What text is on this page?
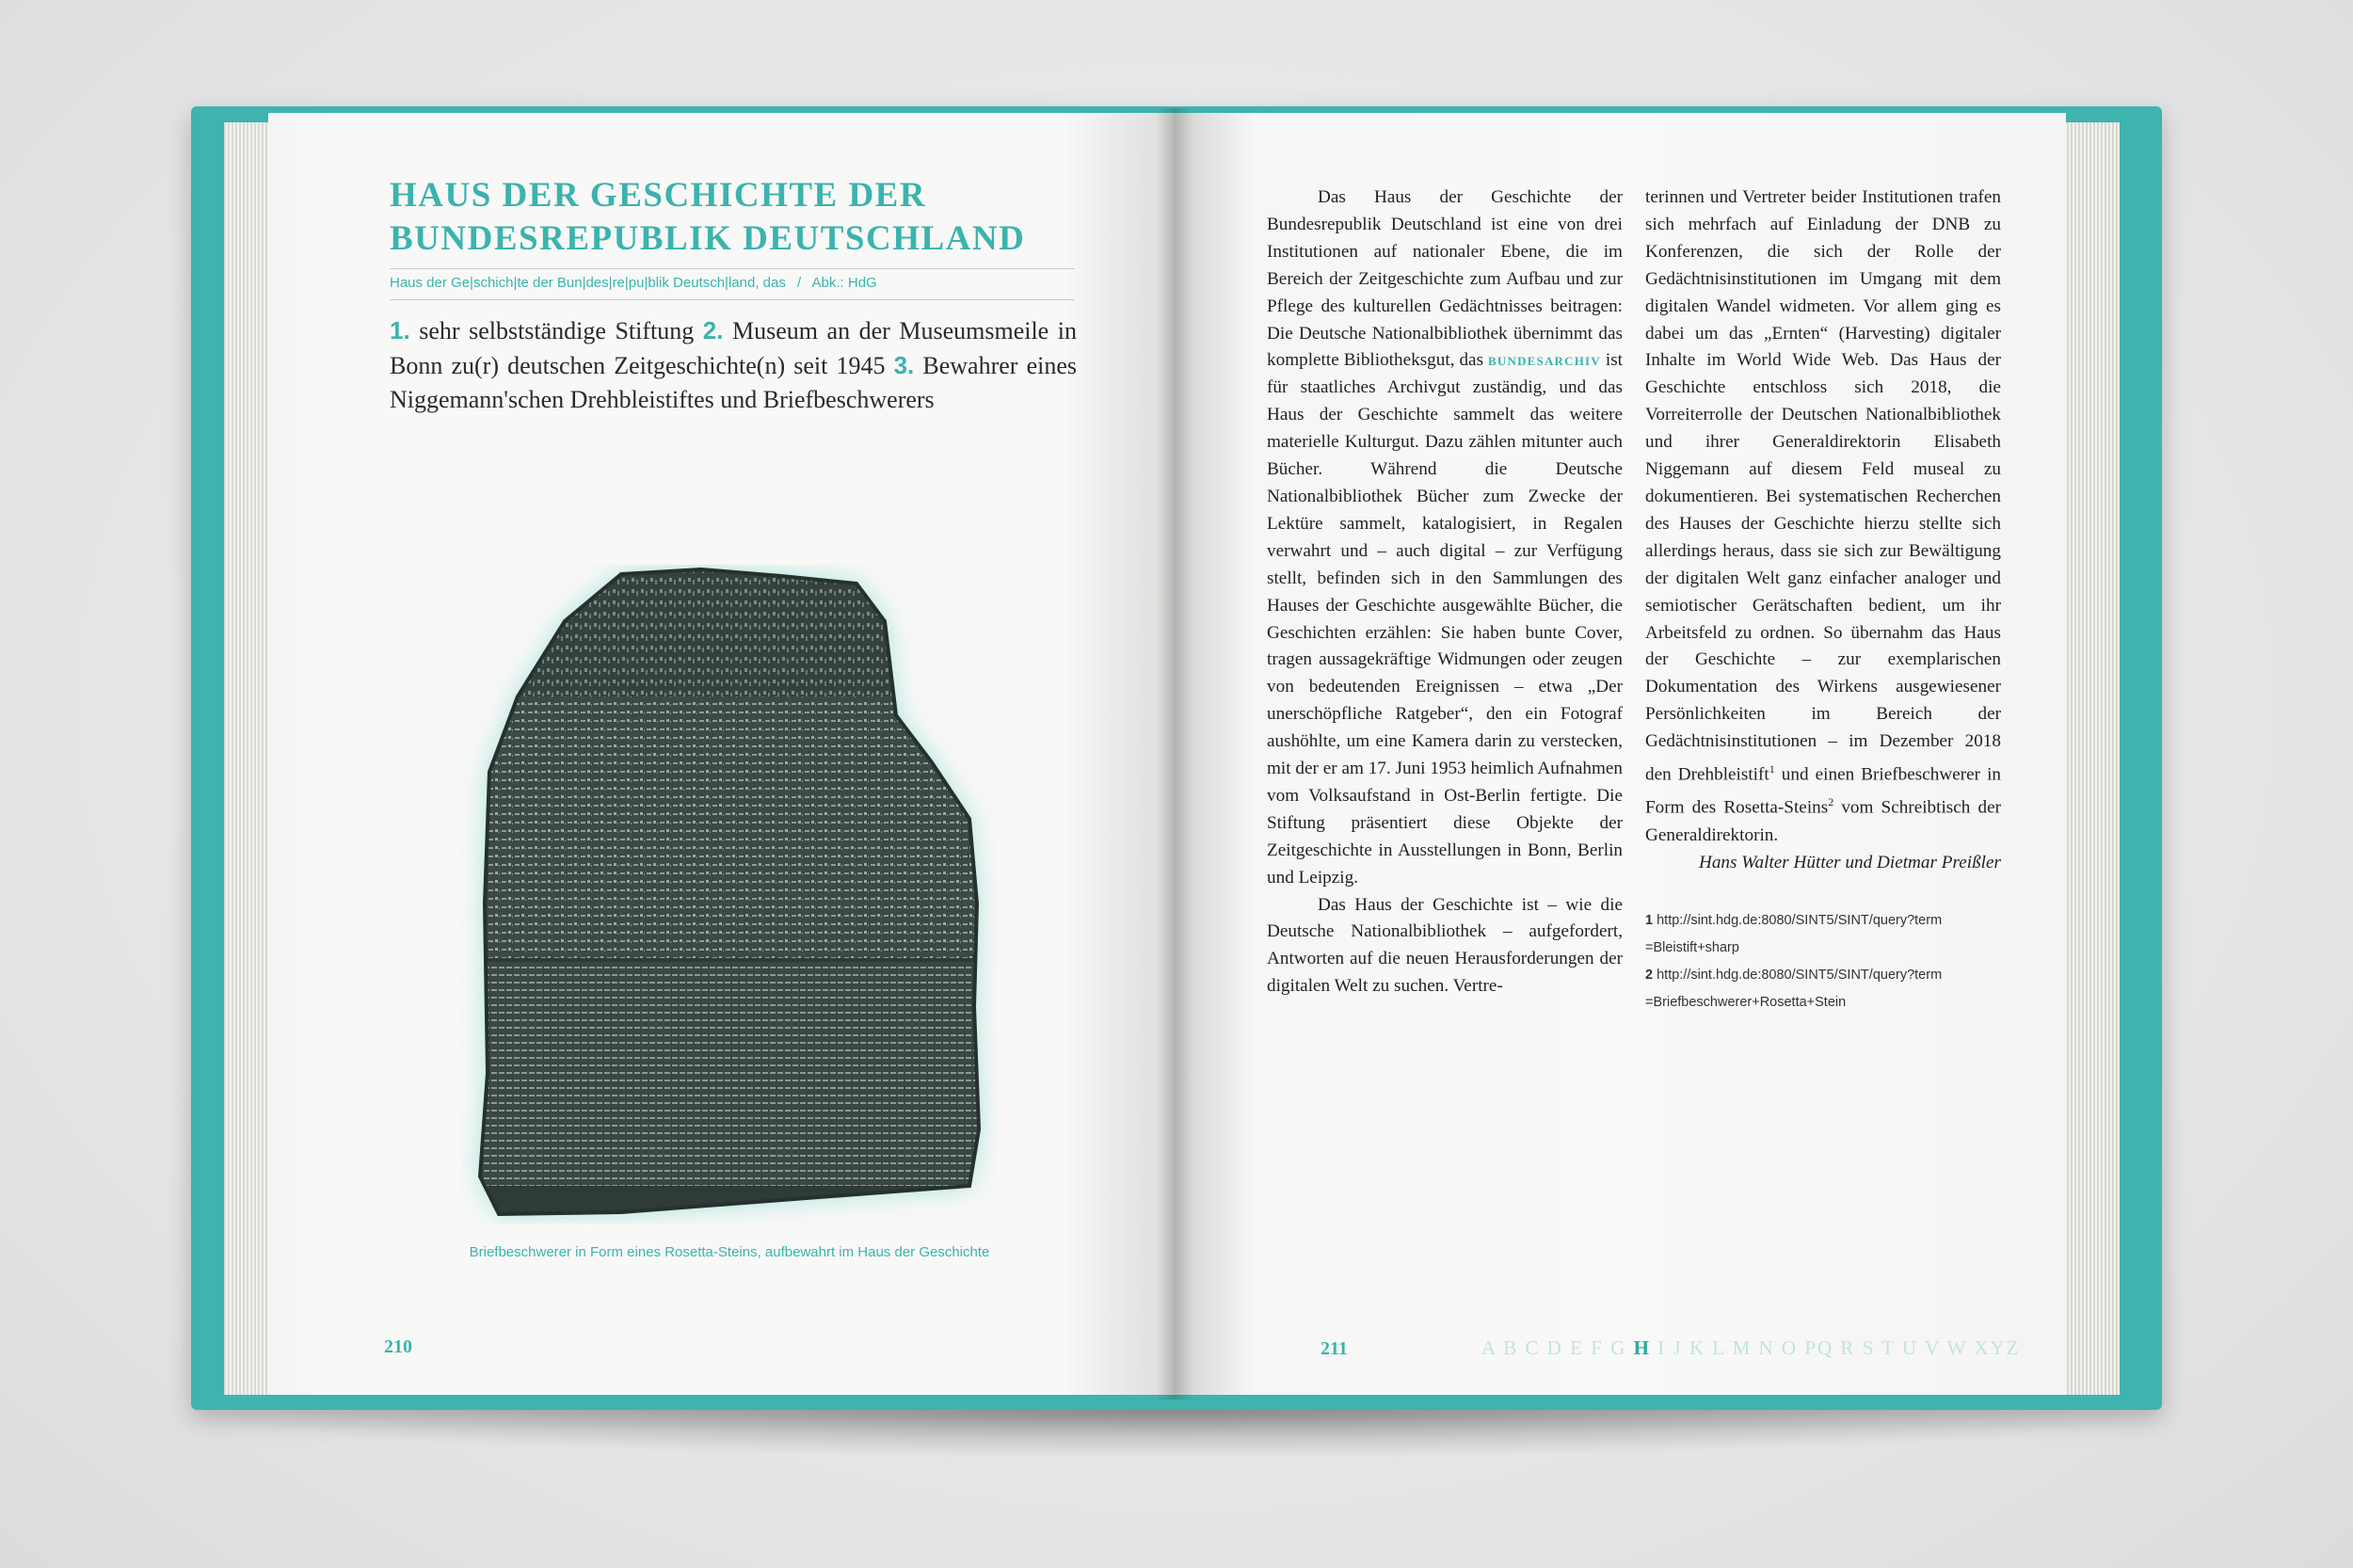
HAUS DER GESCHICHTE DER
BUNDESREPUBLIK DEUTSCHLAND
Haus der Ge|schich|te der Bun|des|re|pu|blik Deutsch|land, das / Abk.: HdG
1. sehr selbstständige Stiftung 2. Museum an der Museumsmeile in Bonn zu(r) deutschen Zeitgeschichte(n) seit 1945 3. Bewahrer eines Niggemann'schen Drehbleistiftes und Briefbeschwerers
Briefbeschwerer in Form eines Rosetta-Steins, aufbewahrt im Haus der Geschichte
210

Das Haus der Geschichte der Bundesrepublik Deutschland ist eine von drei Institutionen auf nationaler Ebene, die im Bereich der Zeitgeschichte zum Aufbau und zur Pflege des kulturellen Gedächtnisses beitragen: Die Deutsche Nationalbibliothek übernimmt das komplette Bibliotheksgut, das bundesarchiv ist für staatliches Archivgut zuständig, und das Haus der Geschichte sammelt das weitere materielle Kulturgut. Dazu zählen mitunter auch Bücher. Während die Deutsche Nationalbibliothek Bücher zum Zwecke der Lektüre sammelt, katalogisiert, in Regalen verwahrt und – auch digital – zur Verfügung stellt, befinden sich in den Sammlungen des Hauses der Geschichte ausgewählte Bücher, die Geschichten erzählen: Sie haben bunte Cover, tragen aussagekräftige Widmungen oder zeugen von bedeutenden Ereignissen – etwa „Der unerschöpfliche Ratgeber“, den ein Fotograf aushöhlte, um eine Kamera darin zu verstecken, mit der er am 17. Juni 1953 heimlich Aufnahmen vom Volksaufstand in Ost-Berlin fertigte. Die Stiftung präsentiert diese Objekte der Zeitgeschichte in Ausstellungen in Bonn, Berlin und Leipzig.

Das Haus der Geschichte ist – wie die Deutsche Nationalbibliothek – aufgefordert, Antworten auf die neuen Herausforderungen der digitalen Welt zu suchen. Vertre-

terinnen und Vertreter beider Institutionen trafen sich mehrfach auf Einladung der DNB zu Konferenzen, die sich der Rolle der Gedächtnisinstitutionen im Umgang mit dem digitalen Wandel widmeten. Vor allem ging es dabei um das „Ernten“ (Harvesting) digitaler Inhalte im World Wide Web. Das Haus der Geschichte entschloss sich 2018, die Vorreiterrolle der Deutschen Nationalbibliothek und ihrer Generaldirektorin Elisabeth Niggemann auf diesem Feld museal zu dokumentieren. Bei systematischen Recherchen des Hauses der Geschichte hierzu stellte sich allerdings heraus, dass sie sich zur Bewältigung der digitalen Welt ganz einfacher analoger und semiotischer Gerätschaften bedient, um ihr Arbeitsfeld zu ordnen. So übernahm das Haus der Geschichte – zur exemplarischen Dokumentation des Wirkens ausgewiesener Persönlichkeiten im Bereich der Gedächtnisinstitutionen – im Dezember 2018 den Drehbleistift$^1$ und einen Briefbeschwerer in Form des Rosetta-Steins$^2$ vom Schreibtisch der Generaldirektorin.

Hans Walter Hütter und Dietmar Preißler

1 http://sint.hdg.de:8080/SINT5/SINT/query?term
=Bleistift+sharp
2 http://sint.hdg.de:8080/SINT5/SINT/query?term
=Briefbeschwerer+Rosetta+Stein
211	A B C D E F G H I J K L M N O PQ R S T U V W XYZ
